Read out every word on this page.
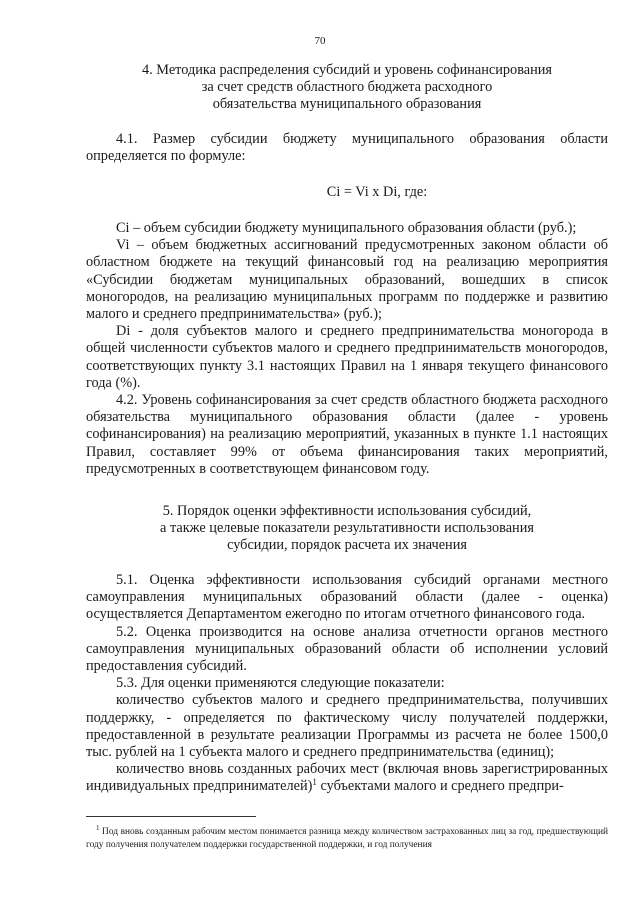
70
4. Методика распределения субсидий и уровень софинансирования
за счет средств областного бюджета расходного
обязательства муниципального образования

4.1. Размер субсидии бюджету муниципального образования области определяется по формуле:

Ci = Vi x Di, где:

Ci – объем субсидии бюджету муниципального образования области (руб.);

Vi – объем бюджетных ассигнований предусмотренных законом области об областном бюджете на текущий финансовый год на реализацию мероприятия «Субсидии бюджетам муниципальных образований, вошедших в список моногородов, на реализацию муниципальных программ по поддержке и развитию малого и среднего предпринимательства» (руб.);

Di - доля субъектов малого и среднего предпринимательства моногорода в общей численности субъектов малого и среднего предпринимательств моногородов, соответствующих пункту 3.1 настоящих Правил на 1 января текущего финансового года (%).

4.2. Уровень софинансирования за счет средств областного бюджета расходного обязательства муниципального образования области (далее - уровень софинансирования) на реализацию мероприятий, указанных в пункте 1.1 настоящих Правил, составляет 99% от объема финансирования таких мероприятий, предусмотренных в соответствующем финансовом году.

5. Порядок оценки эффективности использования субсидий,
а также целевые показатели результативности использования
субсидии, порядок расчета их значения

5.1. Оценка эффективности использования субсидий органами местного самоуправления муниципальных образований области (далее - оценка) осуществляется Департаментом ежегодно по итогам отчетного финансового года.

5.2. Оценка производится на основе анализа отчетности органов местного самоуправления муниципальных образований области об исполнении условий предоставления субсидий.

5.3. Для оценки применяются следующие показатели:

количество субъектов малого и среднего предпринимательства, получивших поддержку, - определяется по фактическому числу получателей поддержки, предоставленной в результате реализации Программы из расчета не более 1500,0 тыс. рублей на 1 субъекта малого и среднего предпринимательства (единиц);

количество вновь созданных рабочих мест (включая вновь зарегистрированных индивидуальных предпринимателей)$^1$ субъектами малого и среднего предпри-

$^1$ Под вновь созданным рабочим местом понимается разница между количеством застрахованных лиц за год, предшествующий году получения получателем поддержки государственной поддержки, и год получения
